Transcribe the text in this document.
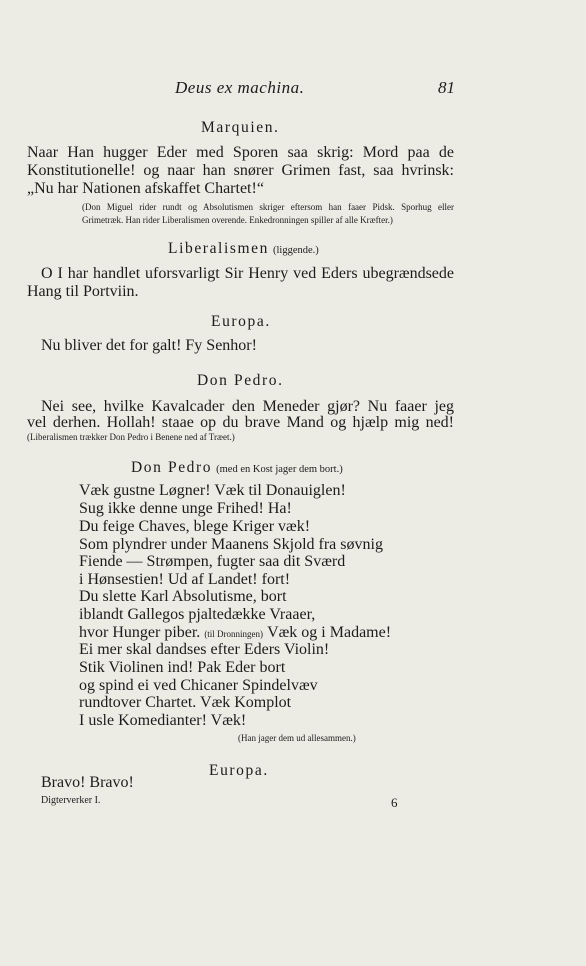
Deus ex machina.	81
Marquien.
Naar Han hugger Eder med Sporen saa skrig: Mord paa de
Konstitutionelle! og naar han snører Grimen fast, saa hvrinsk:
„Nu har Nationen afskaffet Chartet!“
(Don Miguel rider rundt og Absolutismen skriger eftersom han faaer Pidsk. Sporhug eller
Grimetræk. Han rider Liberalismen overende. Enkedronningen spiller af alle Kræfter.)
Liberalismen (liggende.)
O I har handlet uforsvarligt Sir Henry ved Eders ubegrændsede
Hang til Portviin.
Europa.
Nu bliver det for galt! Fy Senhor!
Don Pedro.
Nei see, hvilke Kavalcader den Meneder gjør? Nu faaer jeg
vel derhen. Hollah! staae op du brave Mand og hjælp mig ned!
(Liberalismen trækker Don Pedro i Benene ned af Træet.)
Don Pedro (med en Kost jager dem bort.)
Væk gustne Løgner! Væk til Donauiglen!
Sug ikke denne unge Frihed! Ha!
Du feige Chaves, blege Kriger væk!
Som plyndrer under Maanens Skjold fra søvnig
Fiende — Strømpen, fugter saa dit Sværd
i Hønsestien! Ud af Landet! fort!
Du slette Karl Absolutisme, bort
iblandt Gallegos pjaltedække Vraaer,
hvor Hunger piber. (til Dronningen) Væk og i Madame!
Ei mer skal dandses efter Eders Violin!
Stik Violinen ind! Pak Eder bort
og spind ei ved Chicaner Spindelvæv
rundtover Chartet. Væk Komplot
I usle Komedianter! Væk!
(Han jager dem ud allesammen.)
Europa.
Bravo! Bravo!
Digterverker I.	6
